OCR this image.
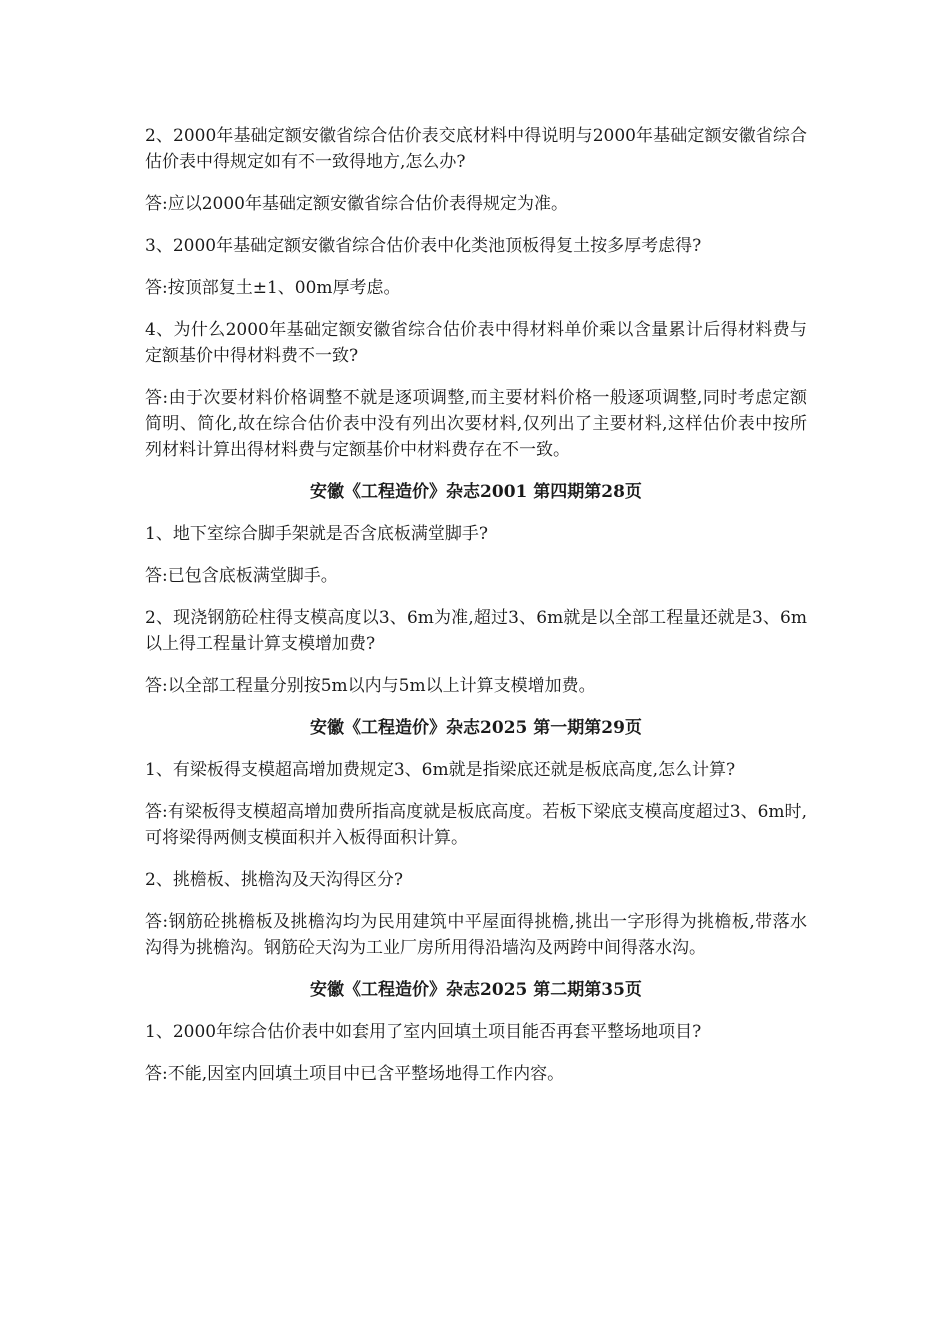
2、2000年基础定额安徽省综合估价表交底材料中得说明与2000年基础定额安徽省综合估价表中得规定如有不一致得地方,怎么办?

答:应以2000年基础定额安徽省综合估价表得规定为准。

3、2000年基础定额安徽省综合估价表中化类池顶板得复土按多厚考虑得?

答:按顶部复土±1、00m厚考虑。

4、为什么2000年基础定额安徽省综合估价表中得材料单价乘以含量累计后得材料费与定额基价中得材料费不一致?

答:由于次要材料价格调整不就是逐项调整,而主要材料价格一般逐项调整,同时考虑定额简明、简化,故在综合估价表中没有列出次要材料,仅列出了主要材料,这样估价表中按所列材料计算出得材料费与定额基价中材料费存在不一致。

安徽《工程造价》杂志2001 第四期第28页

1、地下室综合脚手架就是否含底板满堂脚手?

答:已包含底板满堂脚手。

2、现浇钢筋砼柱得支模高度以3、6m为准,超过3、6m就是以全部工程量还就是3、6m以上得工程量计算支模增加费?

答:以全部工程量分别按5m以内与5m以上计算支模增加费。

安徽《工程造价》杂志2025 第一期第29页

1、有梁板得支模超高增加费规定3、6m就是指梁底还就是板底高度,怎么计算?

答:有梁板得支模超高增加费所指高度就是板底高度。若板下梁底支模高度超过3、6m时,可将梁得两侧支模面积并入板得面积计算。

2、挑檐板、挑檐沟及天沟得区分?

答:钢筋砼挑檐板及挑檐沟均为民用建筑中平屋面得挑檐,挑出一字形得为挑檐板,带落水沟得为挑檐沟。钢筋砼天沟为工业厂房所用得沿墙沟及两跨中间得落水沟。

安徽《工程造价》杂志2025 第二期第35页

1、2000年综合估价表中如套用了室内回填土项目能否再套平整场地项目?

答:不能,因室内回填土项目中已含平整场地得工作内容。
